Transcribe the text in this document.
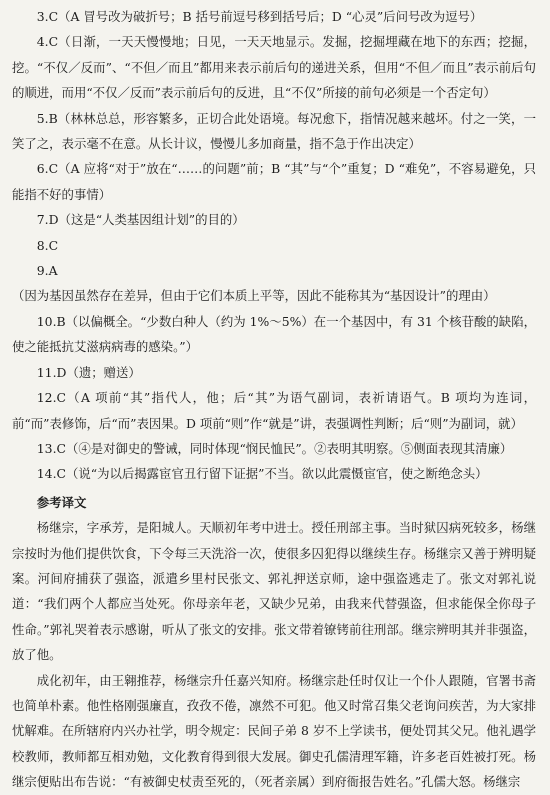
3.C（A 冒号改为破折号；B 括号前逗号移到括号后；D “心灵”后问号改为逗号）

4.C（日渐，一天天慢慢地；日见，一天天地显示。发掘，挖掘埋藏在地下的东西；挖掘，挖。“不仅／反而”、“不但／而且”都用来表示前后句的递进关系，但用“不但／而且”表示前后句的顺进，而用“不仅／反而”表示前后句的反进，且“不仅”所接的前句必须是一个否定句）

5.B（林林总总，形容繁多，正切合此处语境。每况愈下，指情况越来越坏。付之一笑，一笑了之，表示毫不在意。从长计议，慢慢儿多加商量，指不急于作出决定）

6.C（A 应将“对于”放在“……的问题”前；B “其”与“个”重复；D “难免”，不容易避免，只能指不好的事情）

7.D（这是“人类基因组计划”的目的）

8.C

9.A（因为基因虽然存在差异，但由于它们本质上平等，因此不能称其为“基因设计”的理由）

10.B（以偏概全。“少数白种人（约为 1%～5%）在一个基因中，有 31 个核苷酸的缺陷，使之能抵抗艾滋病病毒的感染。”）

11.D（遗；赠送）

12.C（A 项前“其”指代人，他；后“其”为语气副词，表祈请语气。B 项均为连词，前“而”表修饰，后“而”表因果。D 项前“则”作“就是”讲，表强调性判断；后“则”为副词，就）

13.C（④是对御史的警诫，同时体现“悯民恤民”。②表明其明察。⑤侧面表现其清廉）

14.C（说“为以后揭露宦官丑行留下证据”不当。欲以此震慑宦官，使之断绝念头）

参考译文

杨继宗，字承芳，是阳城人。天顺初年考中进士。授任刑部主事。当时狱囚病死较多，杨继宗按时为他们提供饮食，下令每三天洗浴一次，使很多囚犯得以继续生存。杨继宗又善于辨明疑案。河间府捕获了强盗，派遣乡里村民张文、郭礼押送京师，途中强盗逃走了。张文对郭礼说道：“我们两个人都应当处死。你母亲年老，又缺少兄弟，由我来代替强盗，但求能保全你母子性命。”郭礼哭着表示感谢，听从了张文的安排。张文带着镣铐前往刑部。继宗辨明其并非强盗，放了他。

成化初年，由王翱推荐，杨继宗升任嘉兴知府。杨继宗赴任时仅让一个仆人跟随，官署书斋也简单朴素。他性格刚强廉直，孜孜不倦，凛然不可犯。他又时常召集父老询问疾苦，为大家排忧解难。在所辖府内兴办社学，明令规定：民间子弟 8 岁不上学读书，便处罚其父兄。他礼遇学校教师，教师都互相劝勉，文化教育得到很大发展。御史孔儒清理军籍，许多老百姓被打死。杨继宗便贴出布告说：“有被御史杖责至死的，（死者亲属）到府衙报告姓名。”孔儒大怒。杨继宗
